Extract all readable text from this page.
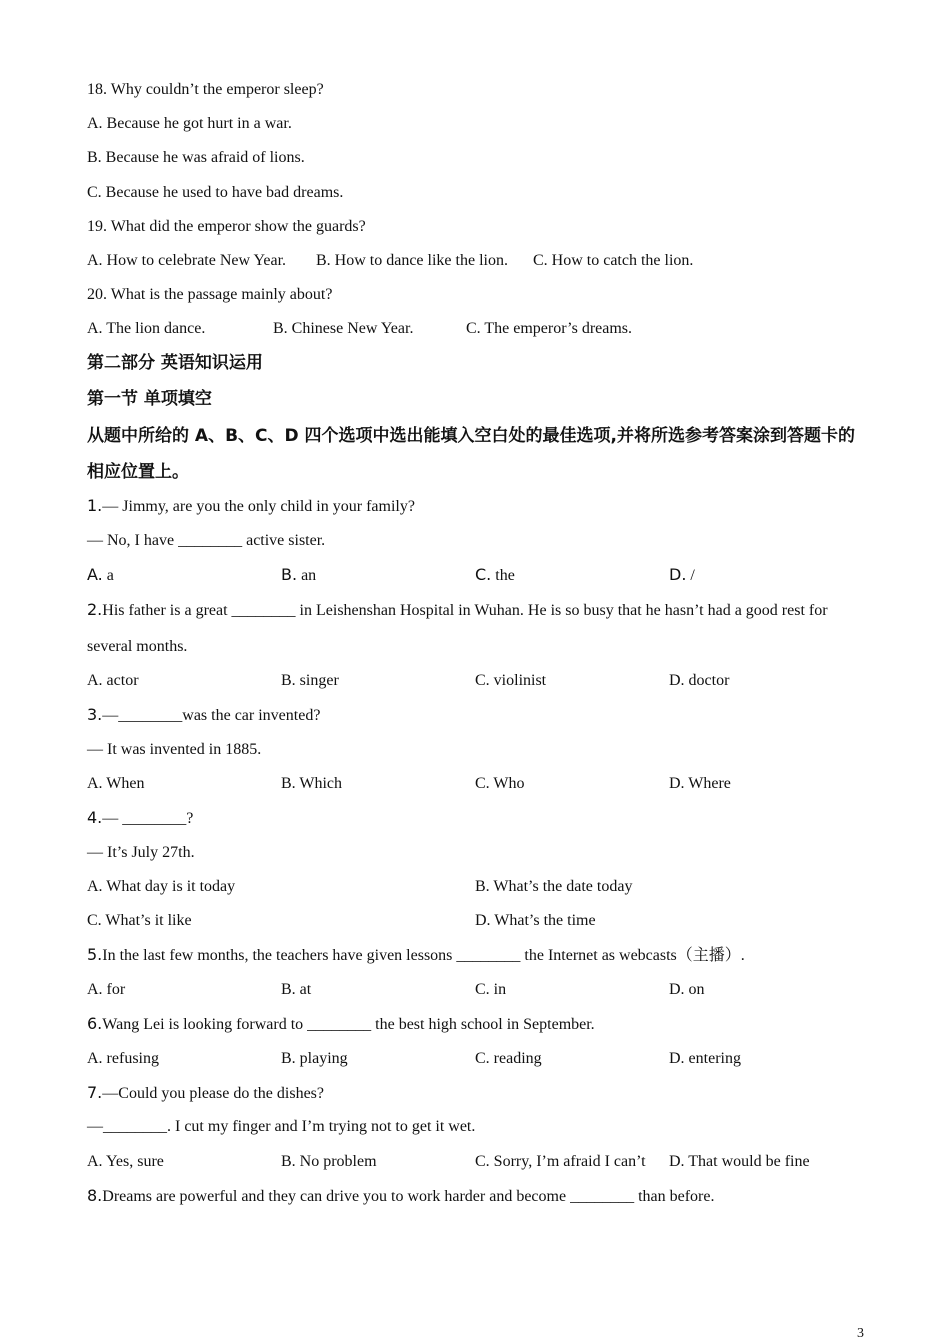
18. Why couldn’t the emperor sleep?
A. Because he got hurt in a war.
B. Because he was afraid of lions.
C. Because he used to have bad dreams.
19. What did the emperor show the guards?
A. How to celebrate New Year. B. How to dance like the lion. C. How to catch the lion.
20. What is the passage mainly about?
A. The lion dance.	B. Chinese New Year.	C. The emperor’s dreams.
第二部分 英语知识运用
第一节 单项填空
从题中所给的 A、B、C、D 四个选项中选出能填入空白处的最佳选项,并将所选参考答案涂到答题卡的相应位置上。
1.— Jimmy, are you the only child in your family?
— No, I have ________ active sister.
A. a	B. an	C. the	D. /
2.His father is a great ________ in Leishenshan Hospital in Wuhan. He is so busy that he hasn’t had a good rest for
several months.
A. actor	B. singer	C. violinist	D. doctor
3.—________was the car invented?
— It was invented in 1885.
A. When	B. Which	C. Who	D. Where
4.— ________?
— It’s July 27th.
A. What day is it today	B. What’s the date today
C. What’s it like	D. What’s the time
5.In the last few months, the teachers have given lessons ________ the Internet as webcasts（主播）.
A. for	B. at	C. in	D. on
6.Wang Lei is looking forward to ________ the best high school in September.
A. refusing	B. playing	C. reading	D. entering
7.—Could you please do the dishes?
—________. I cut my finger and I’m trying not to get it wet.
A. Yes, sure	B. No problem	C. Sorry, I’m afraid I can’t D. That would be fine
8.Dreams are powerful and they can drive you to work harder and become ________ than before.
3
